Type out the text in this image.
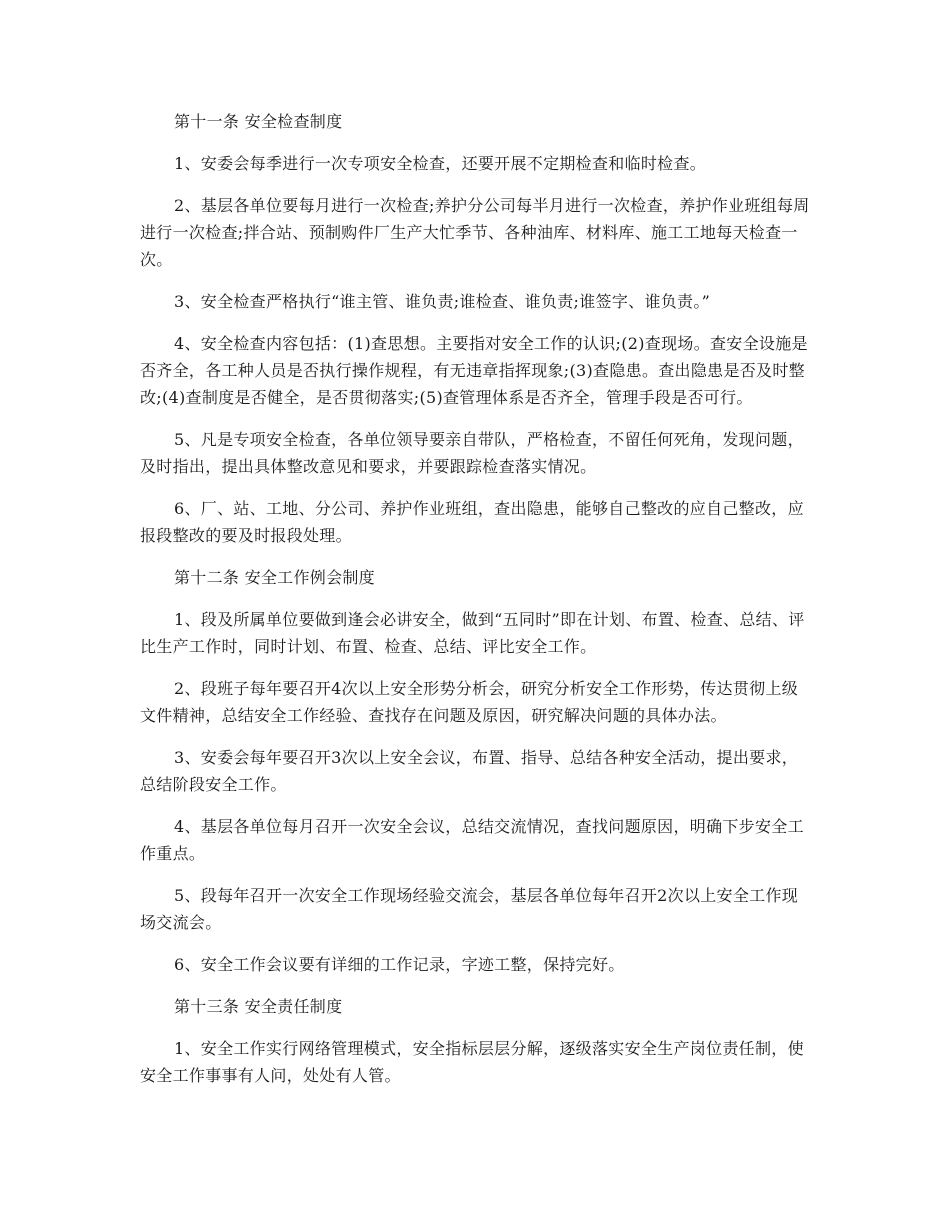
第十一条 安全检查制度

1、安委会每季进行一次专项安全检查，还要开展不定期检查和临时检查。

2、基层各单位要每月进行一次检查;养护分公司每半月进行一次检查，养护作业班组每周进行一次检查;拌合站、预制购件厂生产大忙季节、各种油库、材料库、施工工地每天检查一次。

3、安全检查严格执行“谁主管、谁负责;谁检查、谁负责;谁签字、谁负责。”

4、安全检查内容包括：(1)查思想。主要指对安全工作的认识;(2)查现场。查安全设施是否齐全，各工种人员是否执行操作规程，有无违章指挥现象;(3)查隐患。查出隐患是否及时整改;(4)查制度是否健全，是否贯彻落实;(5)查管理体系是否齐全，管理手段是否可行。

5、凡是专项安全检查，各单位领导要亲自带队，严格检查，不留任何死角，发现问题，及时指出，提出具体整改意见和要求，并要跟踪检查落实情况。

6、厂、站、工地、分公司、养护作业班组，查出隐患，能够自己整改的应自己整改，应报段整改的要及时报段处理。

第十二条 安全工作例会制度

1、段及所属单位要做到逢会必讲安全，做到“五同时”即在计划、布置、检查、总结、评比生产工作时，同时计划、布置、检查、总结、评比安全工作。

2、段班子每年要召开4次以上安全形势分析会，研究分析安全工作形势，传达贯彻上级文件精神，总结安全工作经验、查找存在问题及原因，研究解决问题的具体办法。

3、安委会每年要召开3次以上安全会议，布置、指导、总结各种安全活动，提出要求，总结阶段安全工作。

4、基层各单位每月召开一次安全会议，总结交流情况，查找问题原因，明确下步安全工作重点。

5、段每年召开一次安全工作现场经验交流会，基层各单位每年召开2次以上安全工作现场交流会。

6、安全工作会议要有详细的工作记录，字迹工整，保持完好。

第十三条 安全责任制度

1、安全工作实行网络管理模式，安全指标层层分解，逐级落实安全生产岗位责任制，使安全工作事事有人问，处处有人管。
